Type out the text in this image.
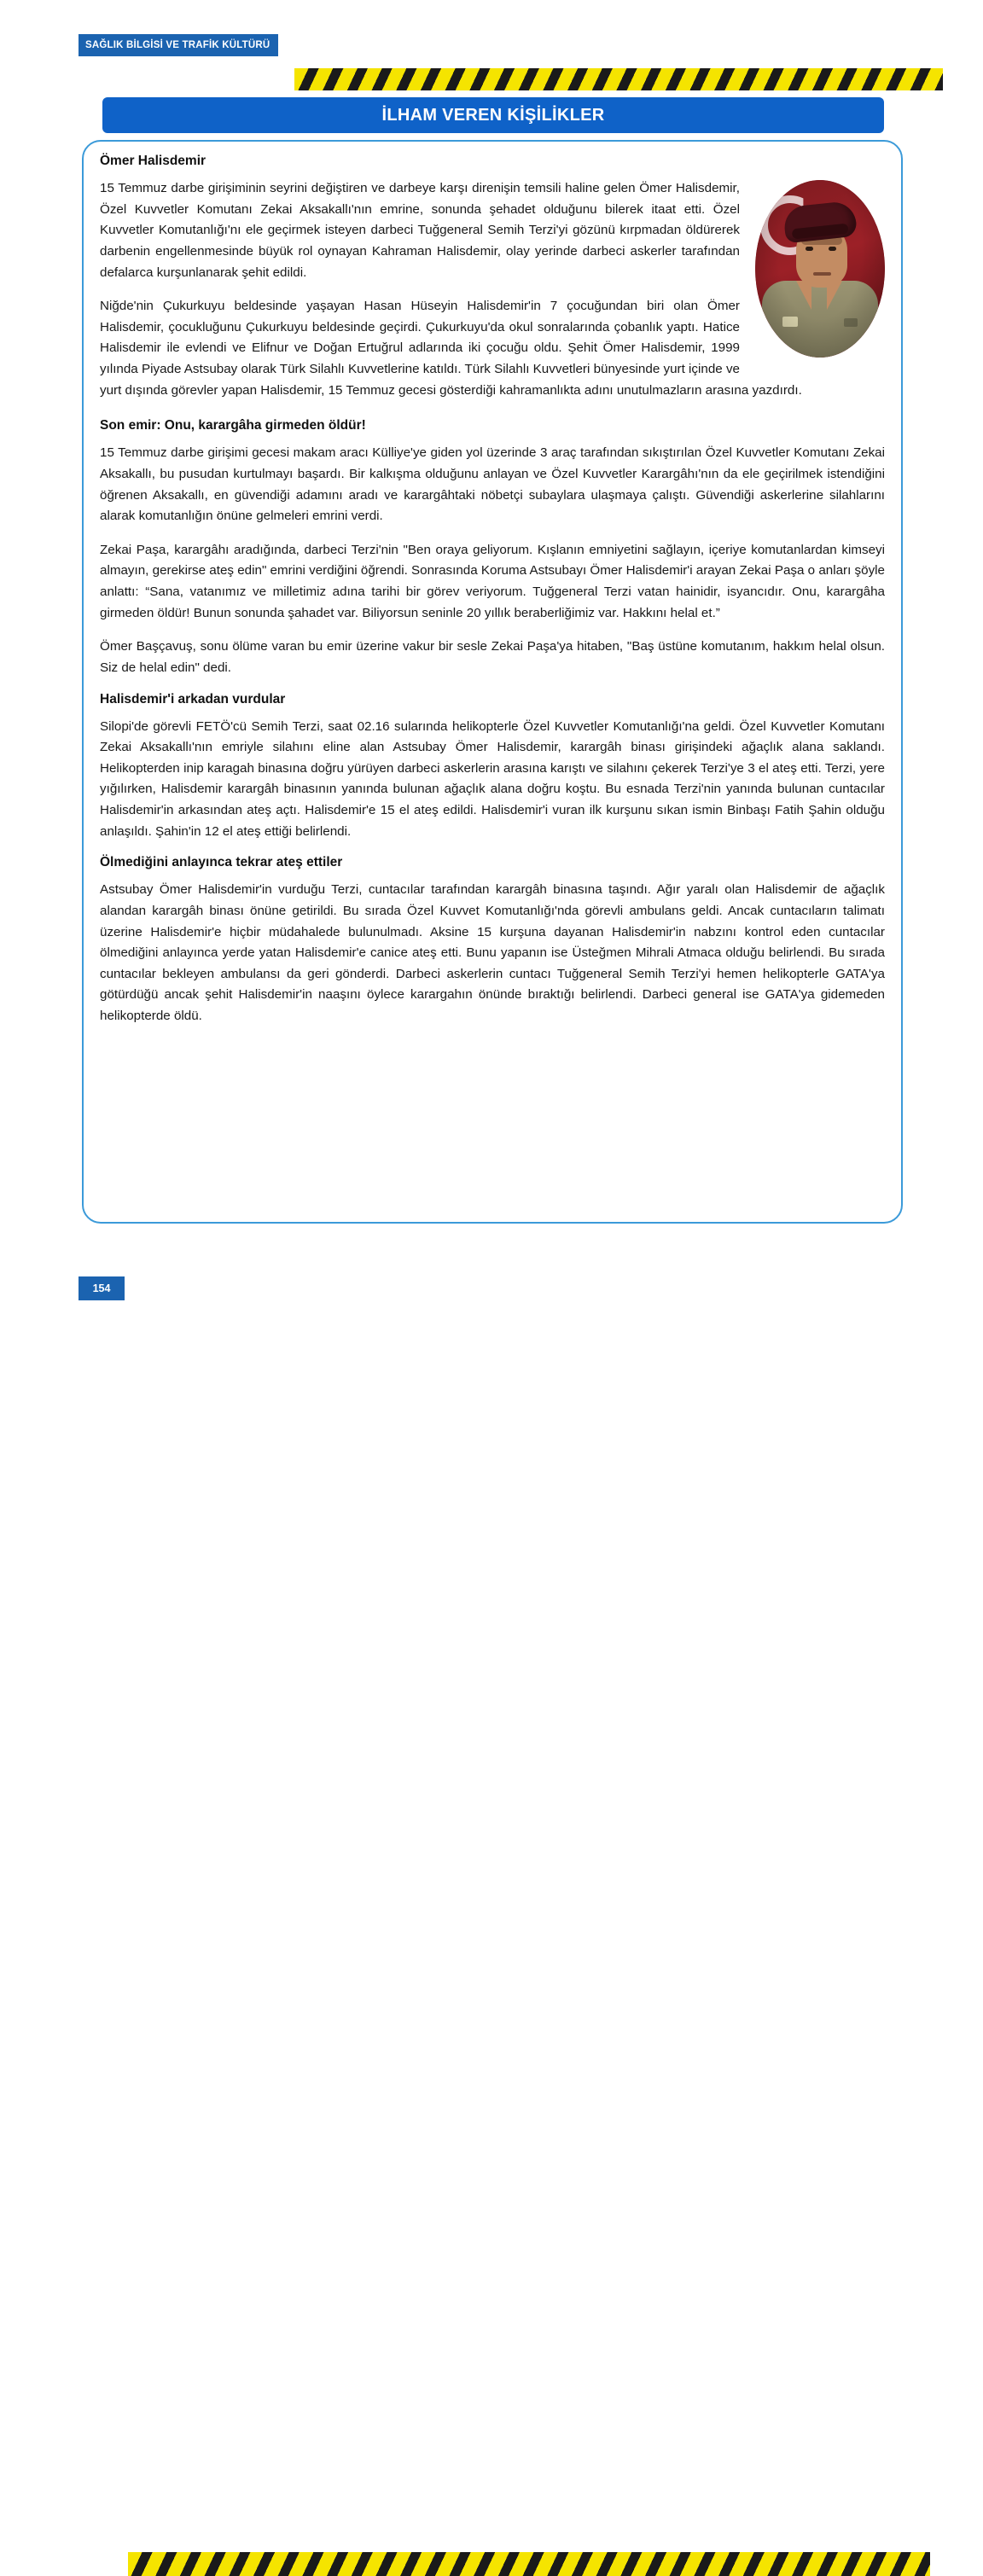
SAĞLIK BİLGİSİ VE TRAFİK KÜLTÜRÜ
İLHAM VEREN KİŞİLİKLER
Ömer Halisdemir

15 Temmuz darbe girişiminin seyrini değiştiren ve darbeye karşı direnişin temsili haline gelen Ömer Halisdemir, Özel Kuvvetler Komutanı Zekai Aksakallı'nın emrine, sonunda şehadet olduğunu bilerek itaat etti. Özel Kuvvetler Komutanlığı'nı ele geçirmek isteyen darbeci Tuğgeneral Semih Terzi'yi gözünü kırpmadan öldürerek darbenin engellenmesinde büyük rol oynayan Kahraman Halisdemir, olay yerinde darbeci askerler tarafından defalarca kurşunlanarak şehit edildi.

Niğde'nin Çukurkuyu beldesinde yaşayan Hasan Hüseyin Halisdemir'in 7 çocuğundan biri olan Ömer Halisdemir, çocukluğunu Çukurkuyu beldesinde geçirdi. Çukurkuyu'da okul sonralarında çobanlık yaptı. Hatice Halisdemir ile evlendi ve Elifnur ve Doğan Ertuğrul adlarında iki çocuğu oldu. Şehit Ömer Halisdemir, 1999 yılında Piyade Astsubay olarak Türk Silahlı Kuvvetlerine katıldı. Türk Silahlı Kuvvetleri bünyesinde yurt içinde ve yurt dışında görevler yapan Halisdemir, 15 Temmuz gecesi gösterdiği kahramanlıkta adını unutulmazların arasına yazdırdı.

Son emir: Onu, karargâha girmeden öldür!

15 Temmuz darbe girişimi gecesi makam aracı Külliye'ye giden yol üzerinde 3 araç tarafından sıkıştırılan Özel Kuvvetler Komutanı Zekai Aksakallı, bu pusudan kurtulmayı başardı. Bir kalkışma olduğunu anlayan ve Özel Kuvvetler Karargâhı'nın da ele geçirilmek istendiğini öğrenen Aksakallı, en güvendiği adamını aradı ve karargâhtaki nöbetçi subaylara ulaşmaya çalıştı. Güvendiği askerlerine silahlarını alarak komutanlığın önüne gelmeleri emrini verdi.

Zekai Paşa, karargâhı aradığında, darbeci Terzi'nin "Ben oraya geliyorum. Kışlanın emniyetini sağlayın, içeriye komutanlardan kimseyi almayın, gerekirse ateş edin" emrini verdiğini öğrendi. Sonrasında Koruma Astsubayı Ömer Halisdemir'i arayan Zekai Paşa o anları şöyle anlattı: “Sana, vatanımız ve milletimiz adına tarihi bir görev veriyorum. Tuğgeneral Terzi vatan hainidir, isyancıdır. Onu, karargâha girmeden öldür! Bunun sonunda şahadet var. Biliyorsun seninle 20 yıllık beraberliğimiz var. Hakkını helal et.”

Ömer Başçavuş, sonu ölüme varan bu emir üzerine vakur bir sesle Zekai Paşa'ya hitaben, "Baş üstüne komutanım, hakkım helal olsun. Siz de helal edin" dedi.

Halisdemir'i arkadan vurdular

Silopi'de görevli FETÖ'cü Semih Terzi, saat 02.16 sularında helikopterle Özel Kuvvetler Komutanlığı'na geldi. Özel Kuvvetler Komutanı Zekai Aksakallı'nın emriyle silahını eline alan Astsubay Ömer Halisdemir, karargâh binası girişindeki ağaçlık alana saklandı. Helikopterden inip karagah binasına doğru yürüyen darbeci askerlerin arasına karıştı ve silahını çekerek Terzi'ye 3 el ateş etti. Terzi, yere yığılırken, Halisdemir karargâh binasının yanında bulunan ağaçlık alana doğru koştu. Bu esnada Terzi'nin yanında bulunan cuntacılar Halisdemir'in arkasından ateş açtı. Halisdemir'e 15 el ateş edildi. Halisdemir'i vuran ilk kurşunu sıkan ismin Binbaşı Fatih Şahin olduğu anlaşıldı. Şahin'in 12 el ateş ettiği belirlendi.

Ölmediğini anlayınca tekrar ateş ettiler

Astsubay Ömer Halisdemir'in vurduğu Terzi, cuntacılar tarafından karargâh binasına taşındı. Ağır yaralı olan Halisdemir de ağaçlık alandan karargâh binası önüne getirildi. Bu sırada Özel Kuvvet Komutanlığı'nda görevli ambulans geldi. Ancak cuntacıların talimatı üzerine Halisdemir'e hiçbir müdahalede bulunulmadı. Aksine 15 kurşuna dayanan Halisdemir'in nabzını kontrol eden cuntacılar ölmediğini anlayınca yerde yatan Halisdemir'e canice ateş etti. Bunu yapanın ise Üsteğmen Mihrali Atmaca olduğu belirlendi. Bu sırada cuntacılar bekleyen ambulansı da geri gönderdi. Darbeci askerlerin cuntacı Tuğgeneral Semih Terzi'yi hemen helikopterle GATA'ya götürdüğü ancak şehit Halisdemir'in naaşını öylece karargahın önünde bıraktığı belirlendi. Darbeci general ise GATA'ya gidemeden helikopterde öldü.

154
